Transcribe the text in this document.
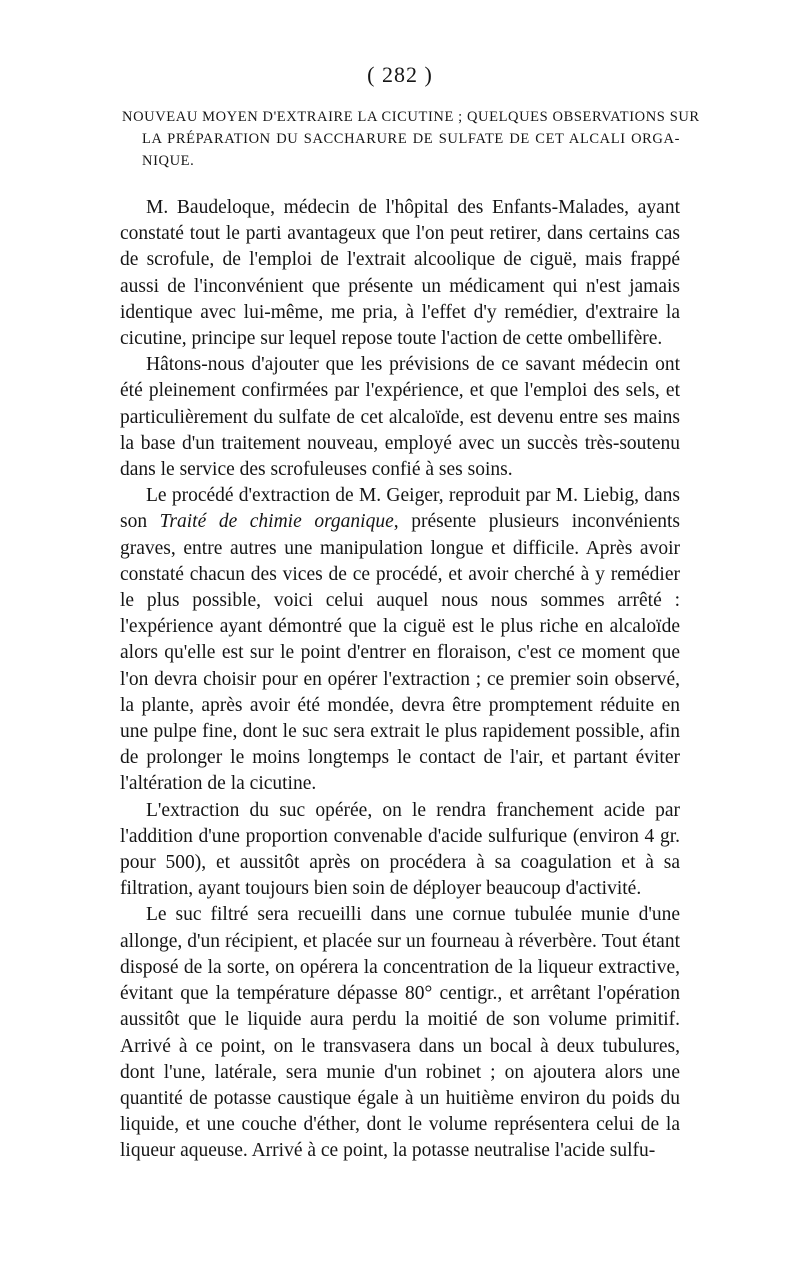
( 282 )
NOUVEAU MOYEN D'EXTRAIRE LA CICUTINE ; QUELQUES OBSERVATIONS SUR
LA PRÉPARATION DU SACCHARURE DE SULFATE DE CET ALCALI ORGA-
NIQUE.

M. Baudeloque, médecin de l'hôpital des Enfants-Malades, ayant constaté tout le parti avantageux que l'on peut retirer, dans certains cas de scrofule, de l'emploi de l'extrait alcoolique de ciguë, mais frappé aussi de l'inconvénient que présente un médicament qui n'est jamais identique avec lui-même, me pria, à l'effet d'y remédier, d'extraire la cicutine, principe sur lequel repose toute l'action de cette ombellifère.

Hâtons-nous d'ajouter que les prévisions de ce savant médecin ont été pleinement confirmées par l'expérience, et que l'emploi des sels, et particulièrement du sulfate de cet alcaloïde, est devenu entre ses mains la base d'un traitement nouveau, employé avec un succès très-soutenu dans le service des scrofuleuses confié à ses soins.

Le procédé d'extraction de M. Geiger, reproduit par M. Liebig, dans son Traité de chimie organique, présente plusieurs inconvénients graves, entre autres une manipulation longue et difficile. Après avoir constaté chacun des vices de ce procédé, et avoir cherché à y remédier le plus possible, voici celui auquel nous nous sommes arrêté : l'expérience ayant démontré que la ciguë est le plus riche en alcaloïde alors qu'elle est sur le point d'entrer en floraison, c'est ce moment que l'on devra choisir pour en opérer l'extraction ; ce premier soin observé, la plante, après avoir été mondée, devra être promptement réduite en une pulpe fine, dont le suc sera extrait le plus rapidement possible, afin de prolonger le moins longtemps le contact de l'air, et partant éviter l'altération de la cicutine.

L'extraction du suc opérée, on le rendra franchement acide par l'addition d'une proportion convenable d'acide sulfurique (environ 4 gr. pour 500), et aussitôt après on procédera à sa coagulation et à sa filtration, ayant toujours bien soin de déployer beaucoup d'activité.

Le suc filtré sera recueilli dans une cornue tubulée munie d'une allonge, d'un récipient, et placée sur un fourneau à réverbère. Tout étant disposé de la sorte, on opérera la concentration de la liqueur extractive, évitant que la température dépasse 80° centigr., et arrêtant l'opération aussitôt que le liquide aura perdu la moitié de son volume primitif. Arrivé à ce point, on le transvasera dans un bocal à deux tubulures, dont l'une, latérale, sera munie d'un robinet ; on ajoutera alors une quantité de potasse caustique égale à un huitième environ du poids du liquide, et une couche d'éther, dont le volume représentera celui de la liqueur aqueuse. Arrivé à ce point, la potasse neutralise l'acide sulfu-
